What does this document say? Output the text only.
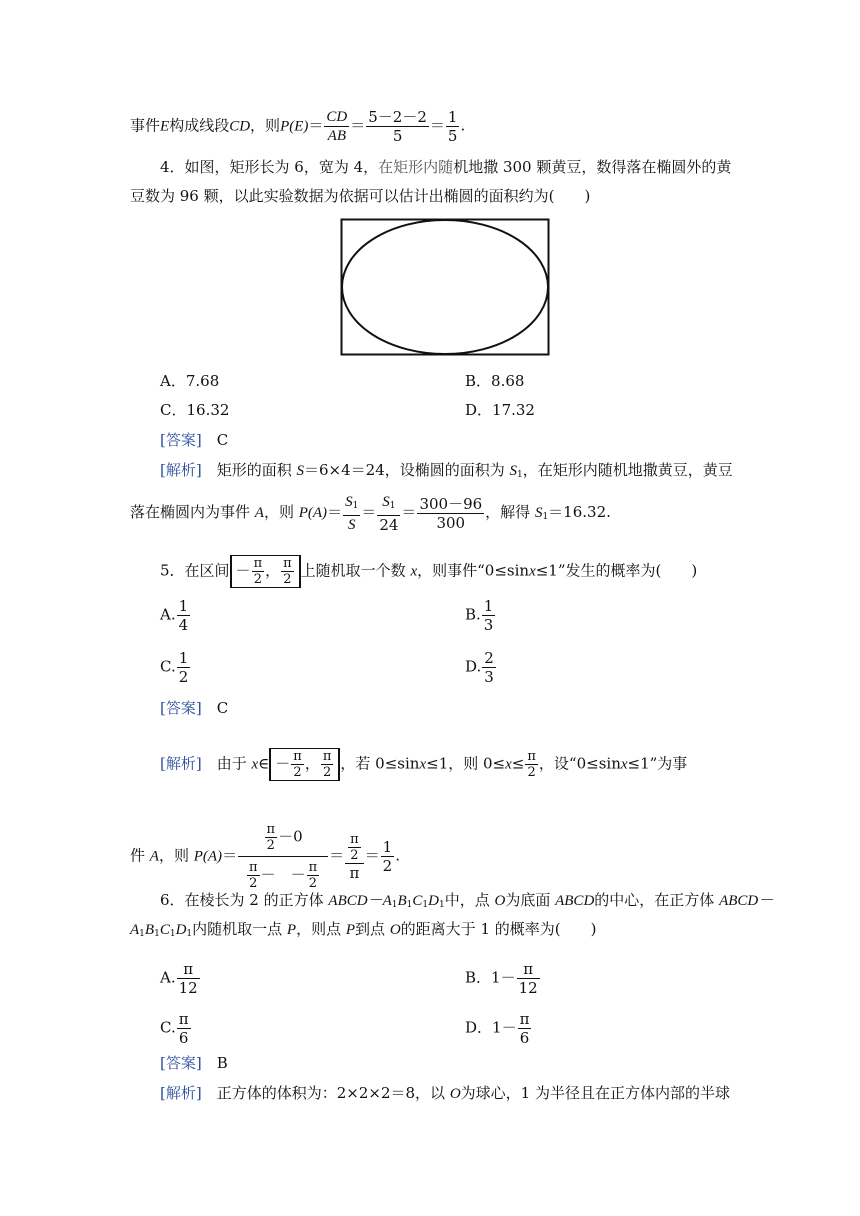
事件E构成线段CD，则$P(E)= \frac{CD}{AB} = \frac{5-2-2}{5} = \frac{1}{5}$ .
4．如图，矩形长为 6，宽为 4，在矩形内随机地撒 300 颗黄豆，数得落在椭圆外的黄
豆数为 96 颗，以此实验数据为依据可以估计出椭圆的面积约为(　　)
A．7.68	B．8.68
C．16.32	D．17.32
[答案]　 C
[解析]　矩形的面积 S＝6×4＝24，设椭圆的面积为 $S_1$，在矩形内随机地撒黄豆，黄豆
落在椭圆内为事件 A，则 $P(A)= \frac{S_1}{S} = \frac{S_1}{24} = \frac{300-96}{300}$ ，解得 $S_1=16.32$.
5．在区间 － $\frac{\pi}{2}$ ， $\frac{\pi}{2}$ 上随机取一个数 x，则事件“0≤sinx≤1”发生的概率为(　　)
A. $\frac{1}{4}$	B. $\frac{1}{3}$
C. $\frac{1}{2}$	D. $\frac{2}{3}$
[答案]　 C
[解析]　由于 x∈ － $\frac{\pi}{2}$ ， $\frac{\pi}{2}$ ，若 0≤sinx≤1，则 $0\le x\le \frac{\pi}{2}$ ，设“0≤sinx≤1”为事
件 A，则 $P(A)= \frac{\frac{\pi}{2} -0}{\frac{\pi}{2} - - \frac{\pi}{2}} = \frac{\frac{\pi}{2}}{\pi} = \frac{1}{2}$ .
6．在棱长为 2 的正方体 $ABCD-A_1B_1C_1D_1$中，点 O为底面 ABCD的中心，在正方体 ABCD－
$A_1B_1C_1D_1$内随机取一点 P，则点 P到点 O的距离大于 1 的概率为(　　)
A. $\frac{\pi}{12}$	B．$1- \frac{\pi}{12}$
C. $\frac{\pi}{6}$	D．$1- \frac{\pi}{6}$
[答案]　 B
[解析]　正方体的体积为：2×2×2＝8，以 O为球心，1 为半径且在正方体内部的半球
